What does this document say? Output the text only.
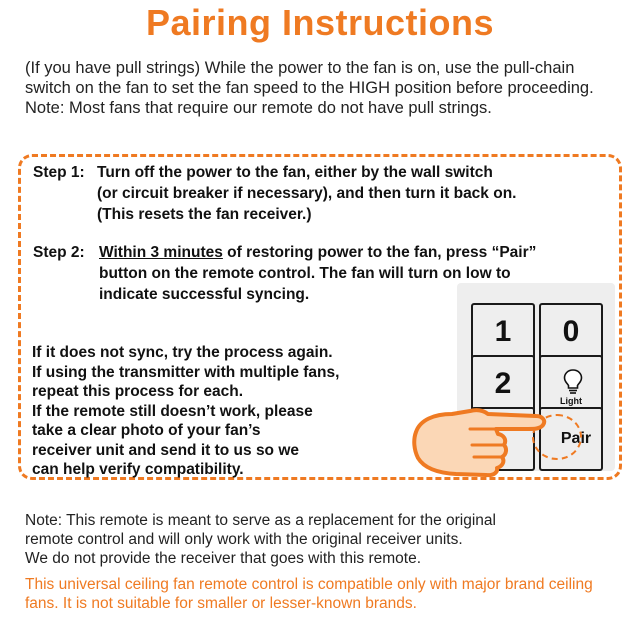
Pairing Instructions
(If you have pull strings) While the power to the fan is on, use the pull-chain switch on the fan to set the fan speed to the HIGH position before proceeding. Note: Most fans that require our remote do not have pull strings.
Step 1: Turn off the power to the fan, either by the wall switch
(or circuit breaker if necessary), and then turn it back on.
(This resets the fan receiver.)
Step 2: Within 3 minutes of restoring power to the fan, press “Pair”
button on the remote control. The fan will turn on low to
indicate successful syncing.
If it does not sync, try the process again.
If using the transmitter with multiple fans,
repeat this process for each.
If the remote still doesn’t work, please
take a clear photo of your fan’s
receiver unit and send it to us so we
can help verify compatibility.
1	0
2
Light
Pair
Note: This remote is meant to serve as a replacement for the original
remote control and will only work with the original receiver units.
We do not provide the receiver that goes with this remote.
This universal ceiling fan remote control is compatible only with major brand ceiling fans. It is not suitable for smaller or lesser-known brands.
